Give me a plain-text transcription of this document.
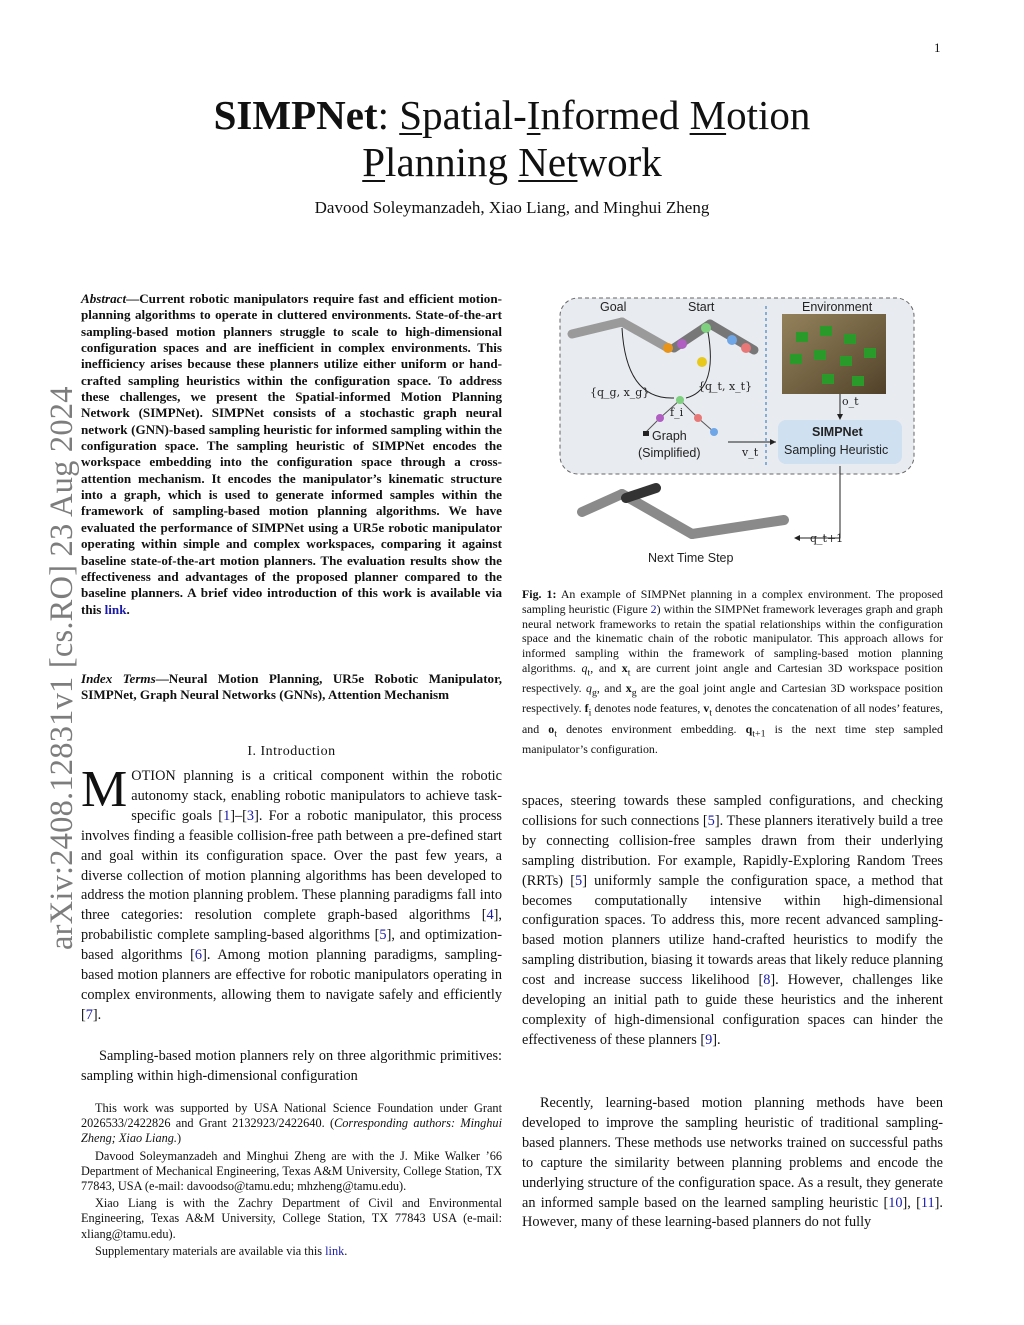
1
arXiv:2408.12831v1 [cs.RO] 23 Aug 2024
SIMPNet: Spatial-Informed Motion
Planning Network
Davood Soleymanzadeh, Xiao Liang, and Minghui Zheng
Abstract—Current robotic manipulators require fast and efficient motion-planning algorithms to operate in cluttered environments. State-of-the-art sampling-based motion planners struggle to scale to high-dimensional configuration spaces and are inefficient in complex environments. This inefficiency arises because these planners utilize either uniform or hand-crafted sampling heuristics within the configuration space. To address these challenges, we present the Spatial-informed Motion Planning Network (SIMPNet). SIMPNet consists of a stochastic graph neural network (GNN)-based sampling heuristic for informed sampling within the configuration space. The sampling heuristic of SIMPNet encodes the workspace embedding into the configuration space through a cross-attention mechanism. It encodes the manipulator’s kinematic structure into a graph, which is used to generate informed samples within the framework of sampling-based motion planning algorithms. We have evaluated the performance of SIMPNet using a UR5e robotic manipulator operating within simple and complex workspaces, comparing it against baseline state-of-the-art motion planners. The evaluation results show the effectiveness and advantages of the proposed planner compared to the baseline planners. A brief video introduction of this work is available via this link.
Index Terms—Neural Motion Planning, UR5e Robotic Manipulator, SIMPNet, Graph Neural Networks (GNNs), Attention Mechanism
I. Introduction
MOTION planning is a critical component within the robotic autonomy stack, enabling robotic manipulators to achieve task-specific goals [1]–[3]. For a robotic manipulator, this process involves finding a feasible collision-free path between a pre-defined start and goal within its configuration space. Over the past few years, a diverse collection of motion planning algorithms has been developed to address the motion planning problem. These planning paradigms fall into three categories: resolution complete graph-based algorithms [4], probabilistic complete sampling-based algorithms [5], and optimization-based algorithms [6]. Among motion planning paradigms, sampling-based motion planners are effective for robotic manipulators operating in complex environments, allowing them to navigate safely and efficiently [7].
Sampling-based motion planners rely on three algorithmic primitives: sampling within high-dimensional configuration

This work was supported by USA National Science Foundation under Grant 2026533/2422826 and Grant 2132923/2422640. (Corresponding authors: Minghui Zheng; Xiao Liang.)

Davood Soleymanzadeh and Minghui Zheng are with the J. Mike Walker ’66 Department of Mechanical Engineering, Texas A&M University, College Station, TX 77843, USA (e-mail: davoodso@tamu.edu; mhzheng@tamu.edu).

Xiao Liang is with the Zachry Department of Civil and Environmental Engineering, Texas A&M University, College Station, TX 77843 USA (e-mail: xliang@tamu.edu).

Supplementary materials are available via this link.

Goal	Start	Environment
{q_g, x_g}	{q_t, x_t}
f_i
Graph
(Simplified)	v_t
o_t
SIMPNet
Sampling Heuristic
q_t+1
Next Time Step
Fig. 1: An example of SIMPNet planning in a complex environment. The proposed sampling heuristic (Figure 2) within the SIMPNet framework leverages graph and graph neural network frameworks to retain the spatial relationships within the configuration space and the kinematic chain of the robotic manipulator. This approach allows for informed sampling within the framework of sampling-based motion planning algorithms. $q_t$, and $x_t$ are current joint angle and Cartesian 3D workspace position respectively. $q_g$, and $x_g$ are the goal joint angle and Cartesian 3D workspace position respectively. $f_i$ denotes node features, $v_t$ denotes the concatenation of all nodes’ features, and $o_t$ denotes environment embedding. $q_{t+1}$ is the next time step sampled manipulator’s configuration.
spaces, steering towards these sampled configurations, and checking collisions for such connections [5]. These planners iteratively build a tree by connecting collision-free samples drawn from their underlying sampling distribution. For example, Rapidly-Exploring Random Trees (RRTs) [5] uniformly sample the configuration space, a method that becomes computationally intensive within high-dimensional configuration spaces. To address this, more recent advanced sampling-based motion planners utilize hand-crafted heuristics to modify the sampling distribution, biasing it towards areas that likely reduce planning cost and increase success likelihood [8]. However, challenges like developing an initial path to guide these heuristics and the inherent complexity of high-dimensional configuration spaces can hinder the effectiveness of these planners [9].
Recently, learning-based motion planning methods have been developed to improve the sampling heuristic of traditional sampling-based planners. These methods use networks trained on successful paths to capture the similarity between planning problems and encode the underlying structure of the configuration space. As a result, they generate an informed sample based on the learned sampling heuristic [10], [11]. However, many of these learning-based planners do not fully
